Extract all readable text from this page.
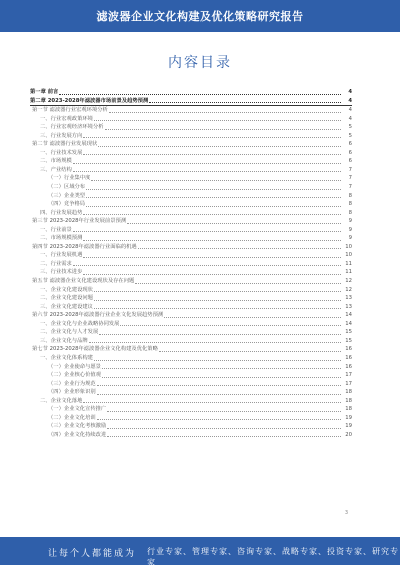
滤波器企业文化构建及优化策略研究报告
内容目录
第一章 前言	4
第二章 2023-2028年滤波器市场前景及趋势预测	4
第一节 滤波器行业宏观环境分析	4
一、行业宏观政策环境	4
二、行业宏观经济环境分析	5
三、行业发展方向	5
第二节 滤波器行业发展现状	6
一、行业技术发展	6
二、市场规模	6
三、产业结构	7
（一）行业集中度	7
（二）区域分布	7
（三）企业类型	8
（四）竞争格局	8
四、行业发展趋势	8
第三节 2023-2028年行业发展前景预测	9
一、行业前景	9
二、市场规模预测	9
第四节 2023-2028年滤波器行业面临的机遇	10
一、行业发展机遇	10
二、行业需求	11
三、行业技术进步	11
第五节 滤波器企业文化建设现状及存在问题	12
一、企业文化建设现状	12
二、企业文化建设问题	13
三、企业文化建设建议	13
第六节 2023-2028年滤波器行业企业文化发展趋势预测	14
一、企业文化与企业战略协同发展	14
二、企业文化与人才发展	15
三、企业文化与品牌	15
第七节 2023-2028年滤波器企业文化构建及优化策略	16
一、企业文化体系构建	16
（一）企业使命与愿景	16
（二）企业核心价值观	17
（三）企业行为规范	17
（四）企业形象识别	18
二、企业文化落地	18
（一）企业文化宣传推广	18
（二）企业文化培训	19
（三）企业文化考核激励	19
（四）企业文化持续改进	20
3
让每个人都能成为 行业专家、管理专家、咨询专家、战略专家、投资专家、研究专家
